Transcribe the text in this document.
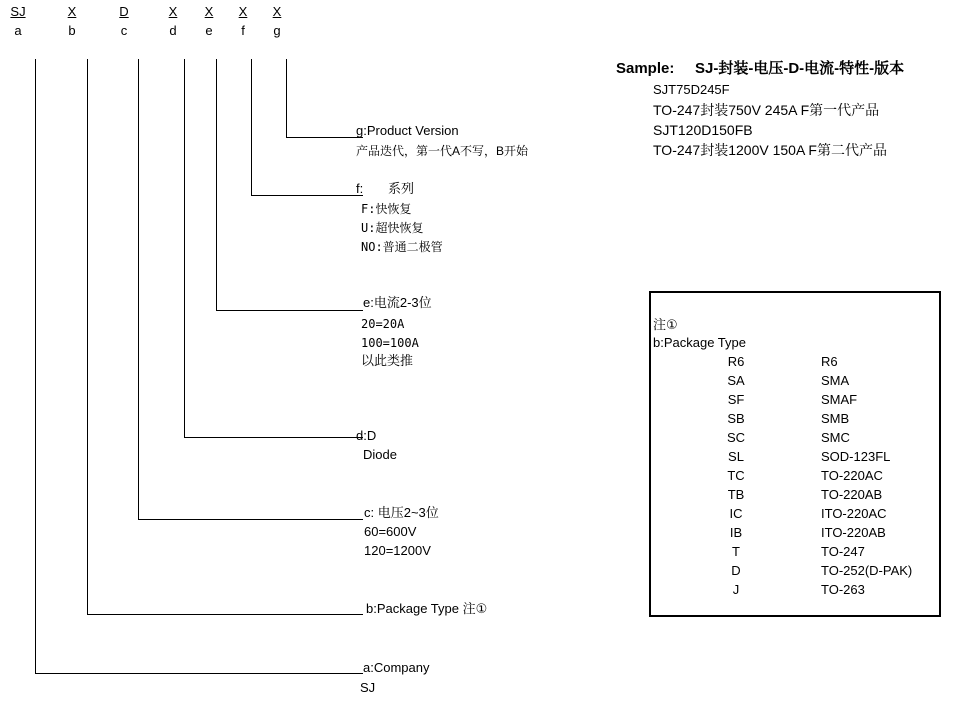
SJ
a
X
b
D
c
X
d
X
e
X
f
X
g
g:Product Version
产品迭代，第一代A不写，B开始
f: 系列
F:快恢复
U:超快恢复
NO:普通二极管
e:电流2-3位
20=20A
100=100A
以此类推
d:D
Diode
c: 电压2~3位
60=600V
120=1200V
b:Package Type 注①
a:Company
SJ
Sample: SJ-封装-电压-D-电流-特性-版本
SJT75D245F
TO-247封装750V 245A F第一代产品
SJT120D150FB
TO-247封装1200V 150A F第二代产品
注①
b:Package Type
R6	R6
SA	SMA
SF	SMAF
SB	SMB
SC	SMC
SL	SOD-123FL
TC	TO-220AC
TB	TO-220AB
IC	ITO-220AC
IB	ITO-220AB
T	TO-247
D	TO-252(D-PAK)
J	TO-263
